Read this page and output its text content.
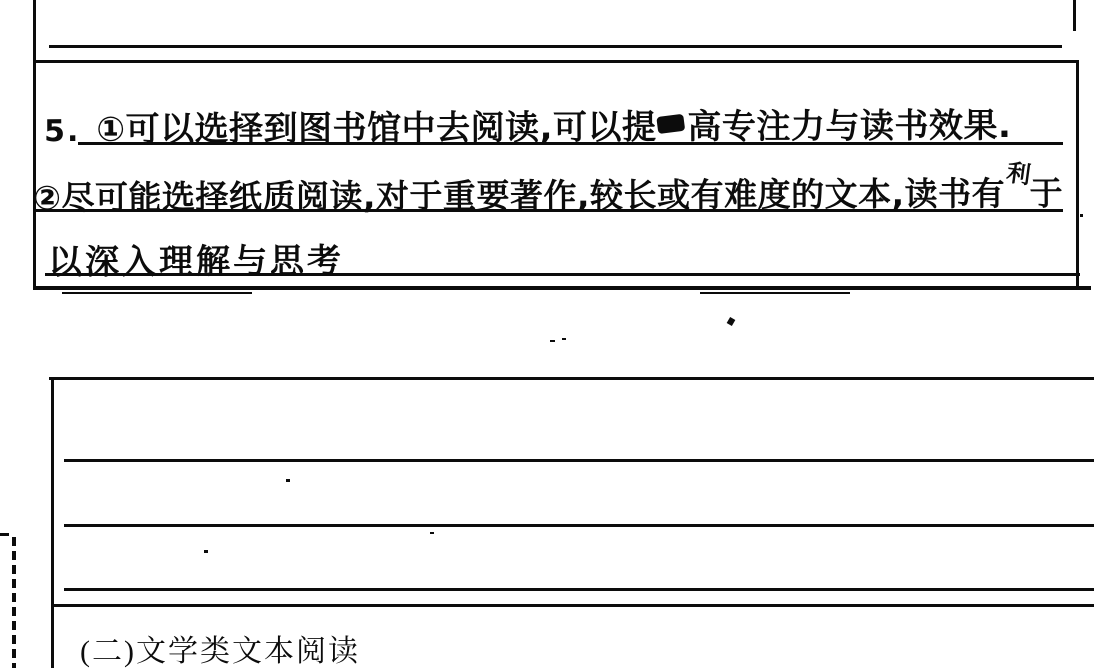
5. ①可以选择到图书馆中去阅读,可以提 高专注力与读书效果.
②尽可能选择纸质阅读,对于重要著作,较长或有难度的文本,读书有利于
以深入理解与思考
(二)文学类文本阅读
